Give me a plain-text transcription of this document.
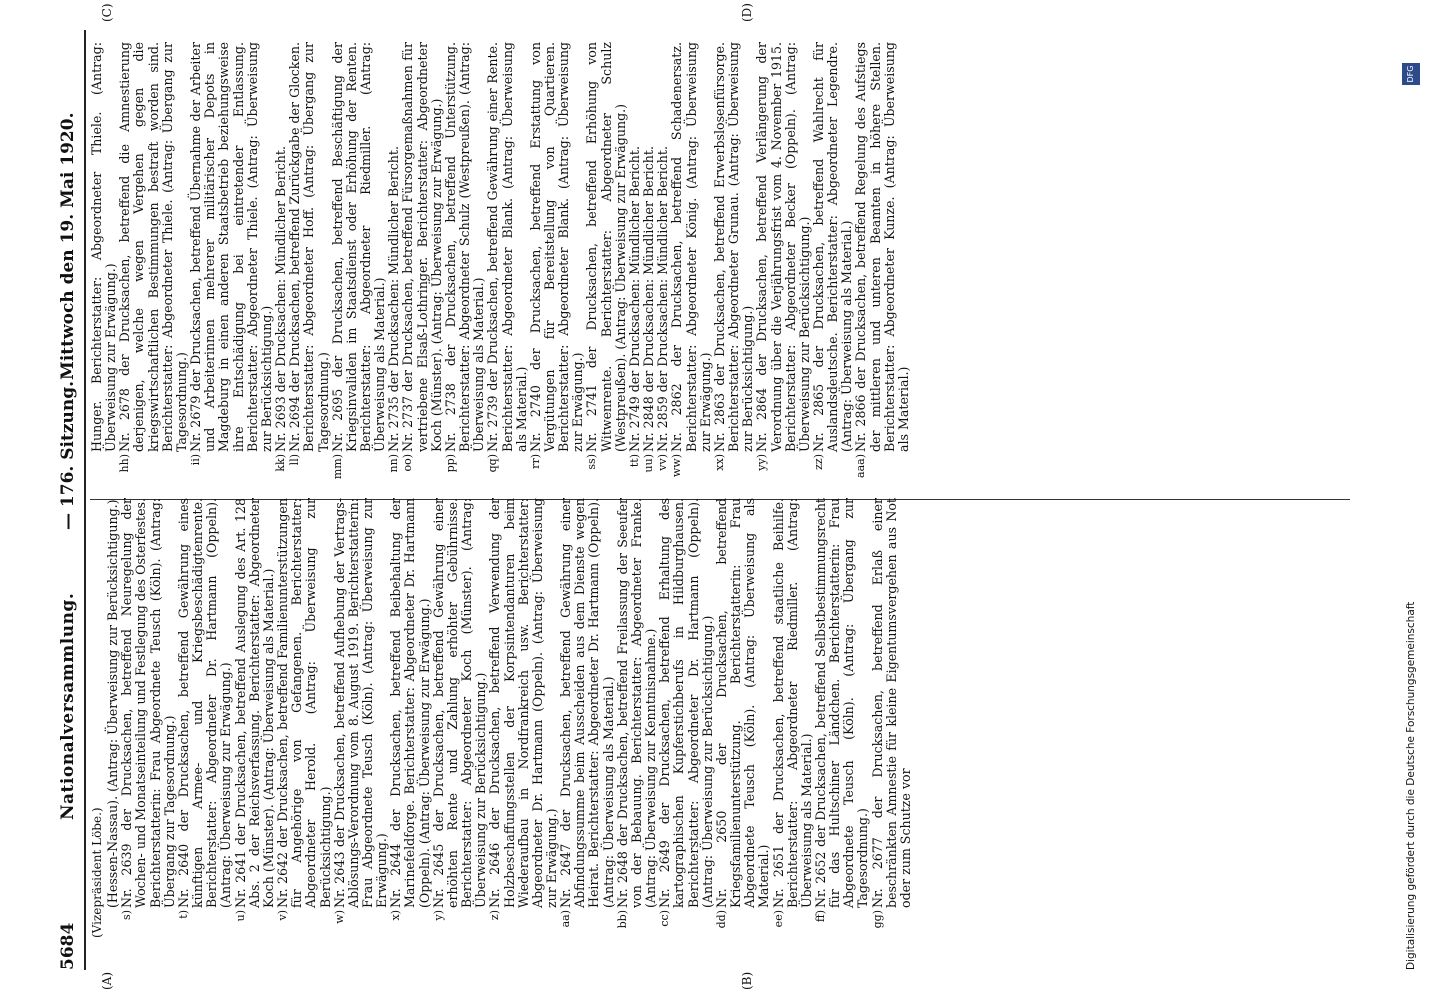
5684
Nationalversammlung.
— 176. Sitzung.
Mittwoch den 19. Mai 1920.
(A)	(B)
(C)	(D)
(Vizepräsident Löbe.) (Hessen-Nassau). (Antrag: Überweisung zur Berücksichtigung.)
s)
Nr. 2639 der Drucksachen, betreffend Neuregelung der Wochen- und Monatseinteilung und Festlegung des Osterfestes. Berichterstatterin: Frau Abgeordnete Teusch (Köln). (Antrag: Übergang zur Tagesordnung.)
t)
Nr. 2640 der Drucksachen, betreffend Gewährung eines künftigen Armee- und Kriegsbeschädigtenrente. Berichterstatter: Abgeordneter Dr. Hartmann (Oppeln). (Antrag: Überweisung zur Erwägung.)
u)
Nr. 2641 der Drucksachen, betreffend Auslegung des Art. 128 Abs. 2 der Reichsverfassung. Berichterstatter: Abgeordneter Koch (Münster). (Antrag: Überweisung als Material.)
v)
Nr. 2642 der Drucksachen, betreffend Familienunterstützungen für Angehörige von Gefangenen. Berichterstatter: Abgeordneter Herold. (Antrag: Überweisung zur Berücksichtigung.)
w)
Nr. 2643 der Drucksachen, betreffend Aufhebung der Vertrags-Ablösungs-Verordnung vom 8. August 1919. Berichterstatterin: Frau Abgeordnete Teusch (Köln). (Antrag: Überweisung zur Erwägung.)
x)
Nr. 2644 der Drucksachen, betreffend Beibehaltung der Marinefeldforge. Berichterstatter: Abgeordneter Dr. Hartmann (Oppeln). (Antrag: Überweisung zur Erwägung.)
y)
Nr. 2645 der Drucksachen, betreffend Gewährung einer erhöhten Rente und Zahlung erhöhter Gebührnisse. Berichterstatter: Abgeordneter Koch (Münster). (Antrag: Überweisung zur Berücksichtigung.)
z)
Nr. 2646 der Drucksachen, betreffend Verwendung der Holzbeschaffungsstellen der Korpsintendanturen beim Wiederaufbau in Nordfrankreich usw. Berichterstatter: Abgeordneter Dr. Hartmann (Oppeln). (Antrag: Überweisung zur Erwägung.)
aa)
Nr. 2647 der Drucksachen, betreffend Gewährung einer Abfindungssumme beim Ausscheiden aus dem Dienste wegen Heirat. Berichterstatter: Abgeordneter Dr. Hartmann (Oppeln). (Antrag: Überweisung als Material.)
bb)
Nr. 2648 der Drucksachen, betreffend Freilassung der Seeufer von der Bebauung. Berichterstatter: Abgeordneter Franke. (Antrag: Überweisung zur Kenntnisnahme.)
cc)
Nr. 2649 der Drucksachen, betreffend Erhaltung des kartographischen Kupferstichberufs in Hildburghausen. Berichterstatter: Abgeordneter Dr. Hartmann (Oppeln). (Antrag: Überweisung zur Berücksichtigung.)
dd)
Nr. 2650 der Drucksachen, betreffend Kriegsfamilienunterstützung. Berichterstatterin: Frau Abgeordnete Teusch (Köln). (Antrag: Überweisung als Material.)
ee)
Nr. 2651 der Drucksachen, betreffend staatliche Beihilfe. Berichterstatter: Abgeordneter Riedmiller. (Antrag: Überweisung als Material.)
ff)
Nr. 2652 der Drucksachen, betreffend Selbstbestimmungsrecht für das Hultschiner Ländchen. Berichterstatterin: Frau Abgeordnete Teusch (Köln). (Antrag: Übergang zur Tagesordnung.)
gg)
Nr. 2677 der Drucksachen, betreffend Erlaß einer beschränkten Amnestie für kleine Eigentumsvergehen aus Not oder zum Schutze vor
Hunger. Berichterstatter: Abgeordneter Thiele. (Antrag: Überweisung zur Erwägung.)
hh)
Nr. 2678 der Drucksachen, betreffend die Amnestierung derjenigen, welche wegen Vergehen gegen die kriegswirtschaftlichen Bestimmungen bestraft worden sind. Berichterstatter: Abgeordneter Thiele. (Antrag: Übergang zur Tagesordnung.)
ii)
Nr. 2679 der Drucksachen, betreffend Übernahme der Arbeiter und Arbeiterinnen mehrerer militärischer Depots in Magdeburg in einen anderen Staatsbetrieb beziehungsweise ihre Entschädigung bei eintretender Entlassung. Berichterstatter: Abgeordneter Thiele. (Antrag: Überweisung zur Berücksichtigung.)
kk)
Nr. 2693 der Drucksachen: Mündlicher Bericht.
ll)
Nr. 2694 der Drucksachen, betreffend Zurückgabe der Glocken. Berichterstatter: Abgeordneter Hoff. (Antrag: Übergang zur Tagesordnung.)
mm)
Nr. 2695 der Drucksachen, betreffend Beschäftigung der Kriegsinvaliden im Staatsdienst oder Erhöhung der Renten. Berichterstatter: Abgeordneter Riedmiller. (Antrag: Überweisung als Material.)
nn)
Nr. 2735 der Drucksachen: Mündlicher Bericht.
oo)
Nr. 2737 der Drucksachen, betreffend Fürsorgemaßnahmen für vertriebene Elsaß-Lothringer. Berichterstatter: Abgeordneter Koch (Münster). (Antrag: Überweisung zur Erwägung.)
pp)
Nr. 2738 der Drucksachen, betreffend Unterstützung. Berichterstatter: Abgeordneter Schulz (Westpreußen). (Antrag: Überweisung als Material.)
qq)
Nr. 2739 der Drucksachen, betreffend Gewährung einer Rente. Berichterstatter: Abgeordneter Blank. (Antrag: Überweisung als Material.)
rr)
Nr. 2740 der Drucksachen, betreffend Erstattung von Vergütungen für Bereitstellung von Quartieren. Berichterstatter: Abgeordneter Blank. (Antrag: Überweisung zur Erwägung.)
ss)
Nr. 2741 der Drucksachen, betreffend Erhöhung von Witwenrente. Berichterstatter: Abgeordneter Schulz (Westpreußen). (Antrag: Überweisung zur Erwägung.)
tt)
Nr. 2749 der Drucksachen: Mündlicher Bericht.
uu)
Nr. 2848 der Drucksachen: Mündlicher Bericht.
vv)
Nr. 2859 der Drucksachen: Mündlicher Bericht.
ww)
Nr. 2862 der Drucksachen, betreffend Schadenersatz. Berichterstatter: Abgeordneter König. (Antrag: Überweisung zur Erwägung.)
xx)
Nr. 2863 der Drucksachen, betreffend Erwerbslosenfürsorge. Berichterstatter: Abgeordneter Grunau. (Antrag: Überweisung zur Berücksichtigung.)
yy)
Nr. 2864 der Drucksachen, betreffend Verlängerung der Verordnung über die Verjährungsfrist vom 4. November 1915. Berichterstatter: Abgeordneter Becker (Oppeln). (Antrag: Überweisung zur Berücksichtigung.)
zz)
Nr. 2865 der Drucksachen, betreffend Wahlrecht für Auslandsdeutsche. Berichterstatter: Abgeordneter Legendre. (Antrag: Überweisung als Material.)
aaa)
Nr. 2866 der Drucksachen, betreffend Regelung des Aufstiegs der mittleren und unteren Beamten in höhere Stellen. Berichterstatter: Abgeordneter Kunze. (Antrag: Überweisung als Material.)
Digitalisierung gefördert durch die Deutsche Forschungsgemeinschaft
DFG
